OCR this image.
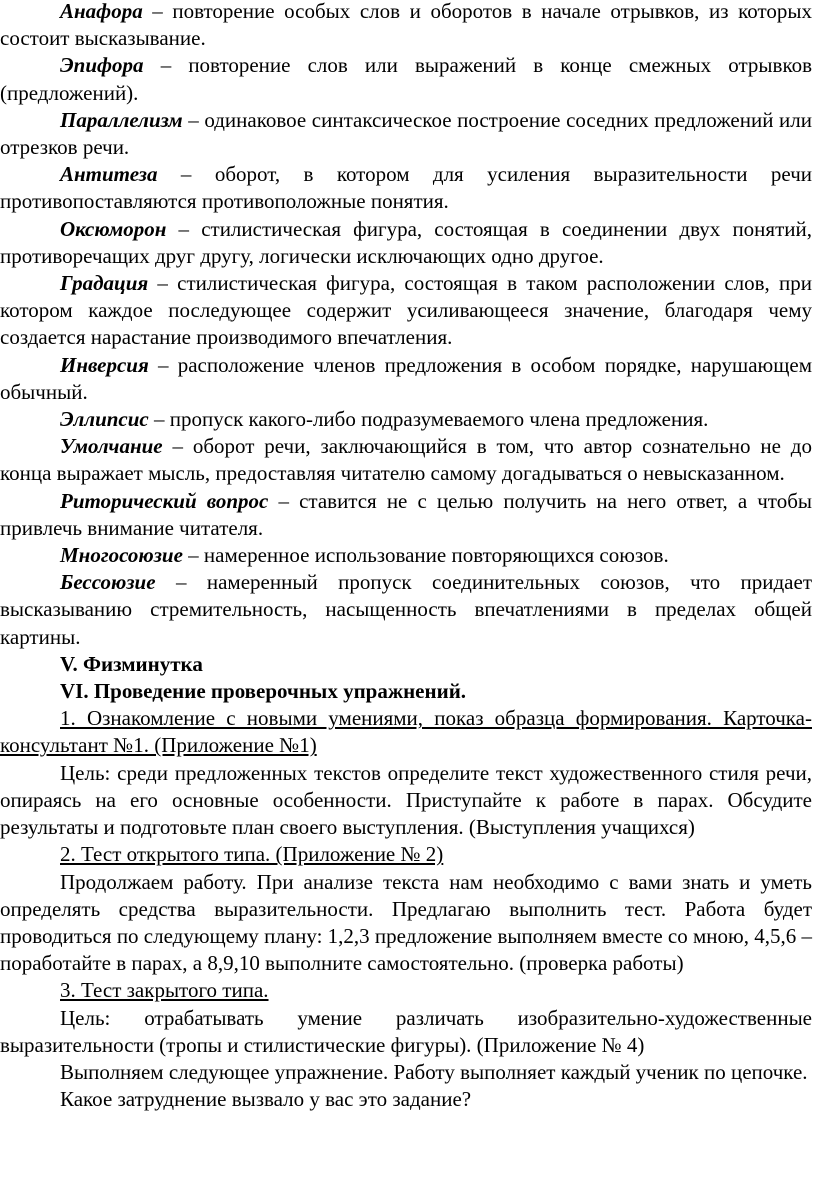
Анафора – повторение особых слов и оборотов в начале отрывков, из которых состоит высказывание.

Эпифора – повторение слов или выражений в конце смежных отрывков (предложений).

Параллелизм – одинаковое синтаксическое построение соседних предложений или отрезков речи.

Антитеза – оборот, в котором для усиления выразительности речи противопоставляются противоположные понятия.

Оксюморон – стилистическая фигура, состоящая в соединении двух понятий, противоречащих друг другу, логически исключающих одно другое.

Градация – стилистическая фигура, состоящая в таком расположении слов, при котором каждое последующее содержит усиливающееся значение, благодаря чему создается нарастание производимого впечатления.

Инверсия – расположение членов предложения в особом порядке, нарушающем обычный.

Эллипсис – пропуск какого-либо подразумеваемого члена предложения.

Умолчание – оборот речи, заключающийся в том, что автор сознательно не до конца выражает мысль, предоставляя читателю самому догадываться о невысказанном.

Риторический вопрос – ставится не с целью получить на него ответ, а чтобы привлечь внимание читателя.

Многосоюзие – намеренное использование повторяющихся союзов.

Бессоюзие – намеренный пропуск соединительных союзов, что придает высказыванию стремительность, насыщенность впечатлениями в пределах общей картины.

V. Физминутка

VI. Проведение проверочных упражнений.

1. Ознакомление с новыми умениями, показ образца формирования. Карточка-консультант №1. (Приложение №1)

Цель: среди предложенных текстов определите текст художественного стиля речи, опираясь на его основные особенности. Приступайте к работе в парах. Обсудите результаты и подготовьте план своего выступления. (Выступления учащихся)

2. Тест открытого типа. (Приложение № 2)

Продолжаем работу. При анализе текста нам необходимо с вами знать и уметь определять средства выразительности. Предлагаю выполнить тест. Работа будет проводиться по следующему плану: 1,2,3 предложение выполняем вместе со мною, 4,5,6 – поработайте в парах, а 8,9,10 выполните самостоятельно. (проверка работы)

3. Тест закрытого типа.

Цель: отрабатывать умение различать изобразительно-художественные выразительности (тропы и стилистические фигуры). (Приложение № 4)

Выполняем следующее упражнение. Работу выполняет каждый ученик по цепочке.

Какое затруднение вызвало у вас это задание?
